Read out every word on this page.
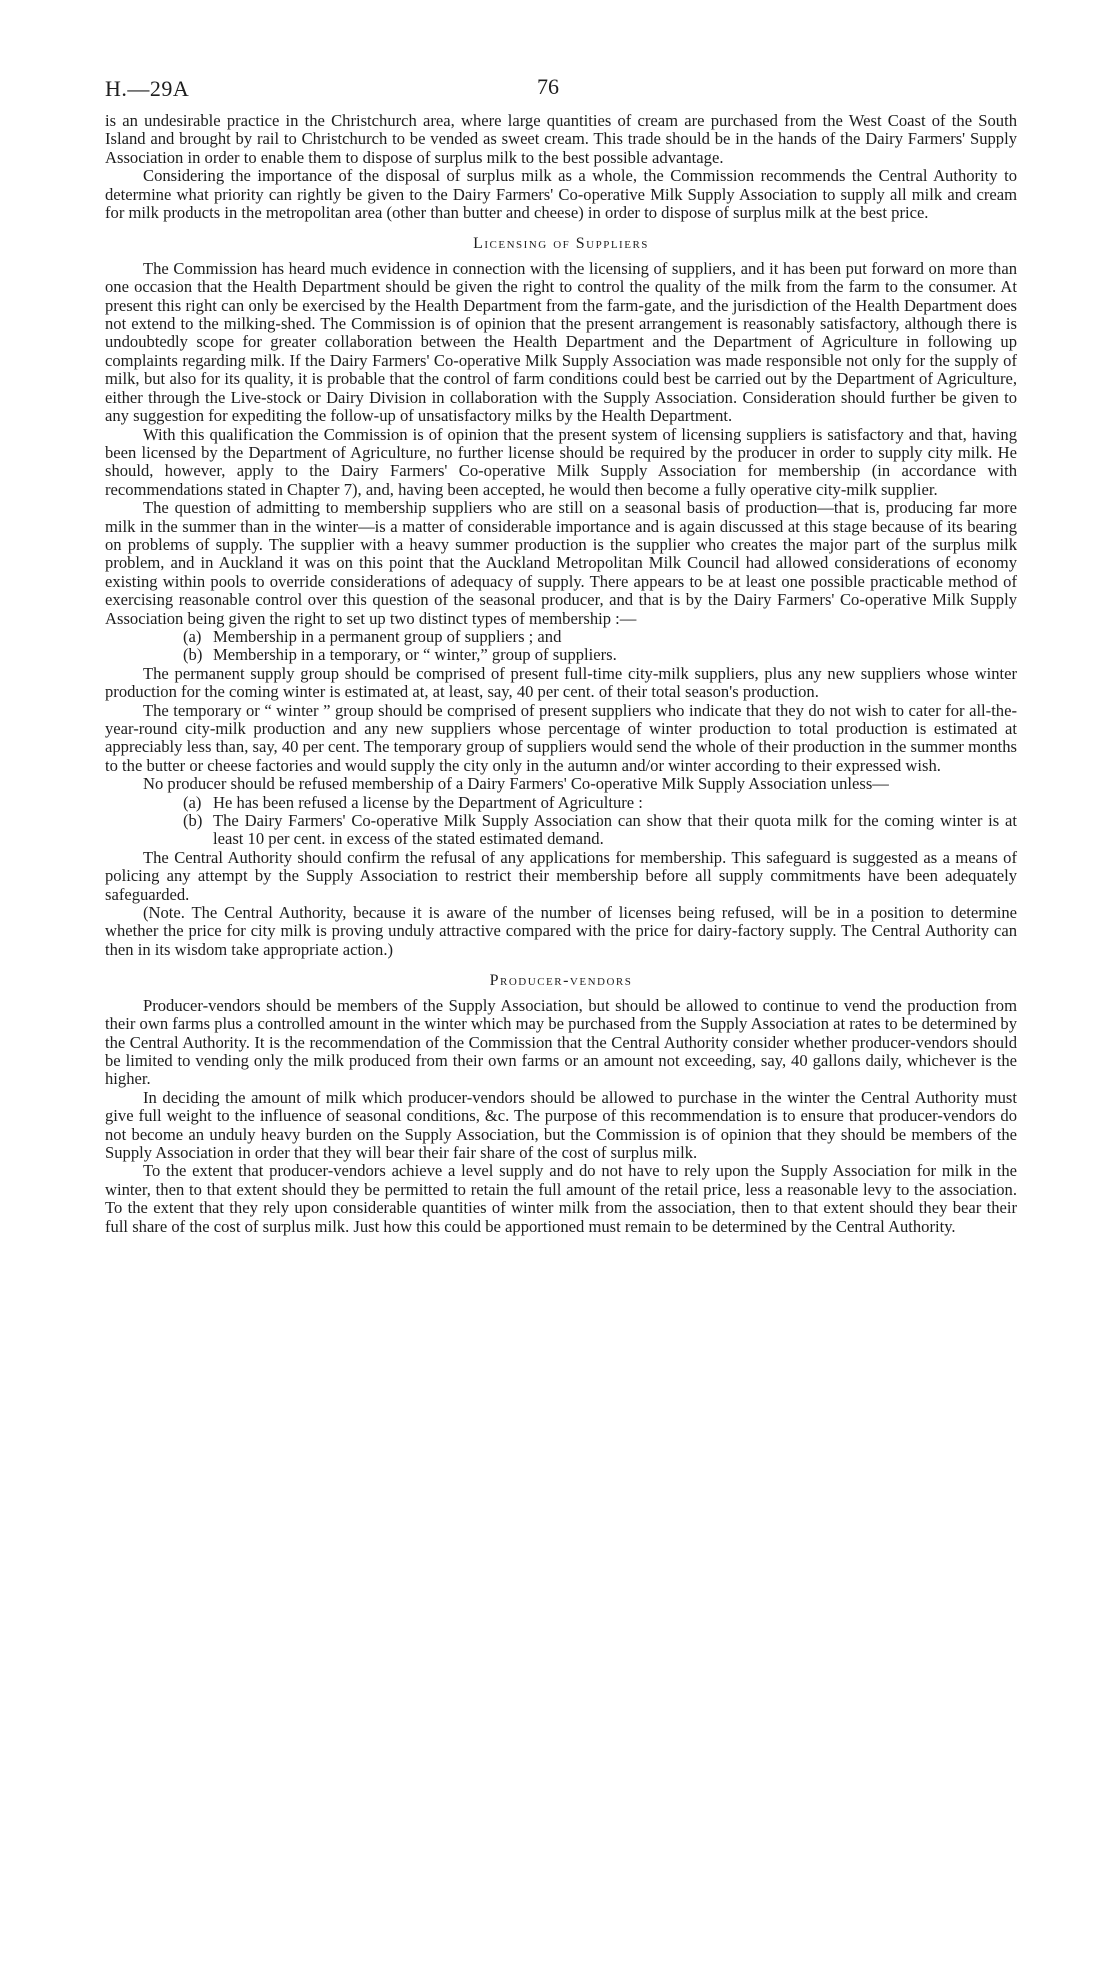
H.—29A	76

is an undesirable practice in the Christchurch area, where large quantities of cream are purchased from the West Coast of the South Island and brought by rail to Christchurch to be vended as sweet cream. This trade should be in the hands of the Dairy Farmers' Supply Association in order to enable them to dispose of surplus milk to the best possible advantage.

Considering the importance of the disposal of surplus milk as a whole, the Commission recommends the Central Authority to determine what priority can rightly be given to the Dairy Farmers' Co-operative Milk Supply Association to supply all milk and cream for milk products in the metropolitan area (other than butter and cheese) in order to dispose of surplus milk at the best price.

Licensing of Suppliers

The Commission has heard much evidence in connection with the licensing of suppliers, and it has been put forward on more than one occasion that the Health Department should be given the right to control the quality of the milk from the farm to the consumer. At present this right can only be exercised by the Health Department from the farm-gate, and the jurisdiction of the Health Department does not extend to the milking-shed. The Commission is of opinion that the present arrangement is reasonably satisfactory, although there is undoubtedly scope for greater collaboration between the Health Department and the Department of Agriculture in following up complaints regarding milk. If the Dairy Farmers' Co-operative Milk Supply Association was made responsible not only for the supply of milk, but also for its quality, it is probable that the control of farm conditions could best be carried out by the Department of Agriculture, either through the Live-stock or Dairy Division in collaboration with the Supply Association. Consideration should further be given to any suggestion for expediting the follow-up of unsatisfactory milks by the Health Department.

With this qualification the Commission is of opinion that the present system of licensing suppliers is satisfactory and that, having been licensed by the Department of Agriculture, no further license should be required by the producer in order to supply city milk. He should, however, apply to the Dairy Farmers' Co-operative Milk Supply Association for membership (in accordance with recommendations stated in Chapter 7), and, having been accepted, he would then become a fully operative city-milk supplier.

The question of admitting to membership suppliers who are still on a seasonal basis of production—that is, producing far more milk in the summer than in the winter—is a matter of considerable importance and is again discussed at this stage because of its bearing on problems of supply. The supplier with a heavy summer production is the supplier who creates the major part of the surplus milk problem, and in Auckland it was on this point that the Auckland Metropolitan Milk Council had allowed considerations of economy existing within pools to override considerations of adequacy of supply. There appears to be at least one possible practicable method of exercising reasonable control over this question of the seasonal producer, and that is by the Dairy Farmers' Co-operative Milk Supply Association being given the right to set up two distinct types of membership :—

(a) Membership in a permanent group of suppliers ; and
(b) Membership in a temporary, or “ winter,” group of suppliers.

The permanent supply group should be comprised of present full-time city-milk suppliers, plus any new suppliers whose winter production for the coming winter is estimated at, at least, say, 40 per cent. of their total season's production.

The temporary or “ winter ” group should be comprised of present suppliers who indicate that they do not wish to cater for all-the-year-round city-milk production and any new suppliers whose percentage of winter production to total production is estimated at appreciably less than, say, 40 per cent. The temporary group of suppliers would send the whole of their production in the summer months to the butter or cheese factories and would supply the city only in the autumn and/or winter according to their expressed wish.

No producer should be refused membership of a Dairy Farmers' Co-operative Milk Supply Association unless—

(a) He has been refused a license by the Department of Agriculture :
(b) The Dairy Farmers' Co-operative Milk Supply Association can show that their quota milk for the coming winter is at least 10 per cent. in excess of the stated estimated demand.

The Central Authority should confirm the refusal of any applications for membership. This safeguard is suggested as a means of policing any attempt by the Supply Association to restrict their membership before all supply commitments have been adequately safeguarded.

(Note. The Central Authority, because it is aware of the number of licenses being refused, will be in a position to determine whether the price for city milk is proving unduly attractive compared with the price for dairy-factory supply. The Central Authority can then in its wisdom take appropriate action.)

Producer-vendors

Producer-vendors should be members of the Supply Association, but should be allowed to continue to vend the production from their own farms plus a controlled amount in the winter which may be purchased from the Supply Association at rates to be determined by the Central Authority. It is the recommendation of the Commission that the Central Authority consider whether producer-vendors should be limited to vending only the milk produced from their own farms or an amount not exceeding, say, 40 gallons daily, whichever is the higher.

In deciding the amount of milk which producer-vendors should be allowed to purchase in the winter the Central Authority must give full weight to the influence of seasonal conditions, &c. The purpose of this recommendation is to ensure that producer-vendors do not become an unduly heavy burden on the Supply Association, but the Commission is of opinion that they should be members of the Supply Association in order that they will bear their fair share of the cost of surplus milk.

To the extent that producer-vendors achieve a level supply and do not have to rely upon the Supply Association for milk in the winter, then to that extent should they be permitted to retain the full amount of the retail price, less a reasonable levy to the association. To the extent that they rely upon considerable quantities of winter milk from the association, then to that extent should they bear their full share of the cost of surplus milk. Just how this could be apportioned must remain to be determined by the Central Authority.
